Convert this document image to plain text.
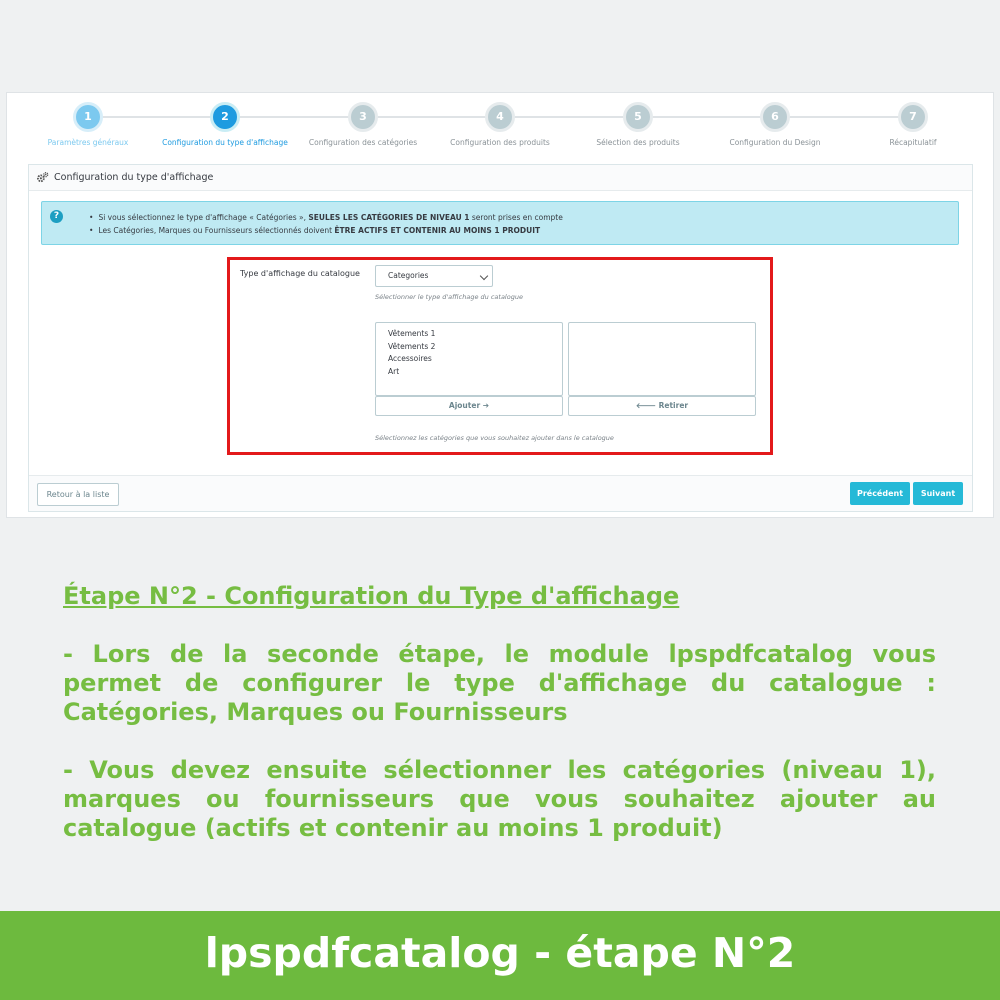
1
Paramètres généraux
2
Configuration du type d'affichage
3
Configuration des catégories
4
Configuration des produits
5
Sélection des produits
6
Configuration du Design
7
Récapitulatif
Configuration du type d'affichage
?
•	Si vous sélectionnez le type d'affichage « Catégories », SEULES LES CATÉGORIES DE NIVEAU 1 seront prises en compte
• Les Catégories, Marques ou Fournisseurs sélectionnés doivent ÊTRE ACTIFS ET CONTENIR AU MOINS 1 PRODUIT
Type d'affichage du catalogue	Categories
Sélectionner le type d'affichage du catalogue
Vêtements 1
Vêtements 2
Accessoires
Art
Ajouter ➔	🡐 Retirer
Sélectionnez les catégories que vous souhaitez ajouter dans le catalogue
Retour à la liste	Précédent	Suivant
Étape N°2 - Configuration du Type d'affichage

- Lors de la seconde étape, le module lpspdfcatalog vous permet de configurer le type d'affichage du catalogue : Catégories, Marques ou Fournisseurs

- Vous devez ensuite sélectionner les catégories (niveau 1), marques ou fournisseurs que vous souhaitez ajouter au catalogue (actifs et contenir au moins 1 produit)

lpspdfcatalog - étape N°2
